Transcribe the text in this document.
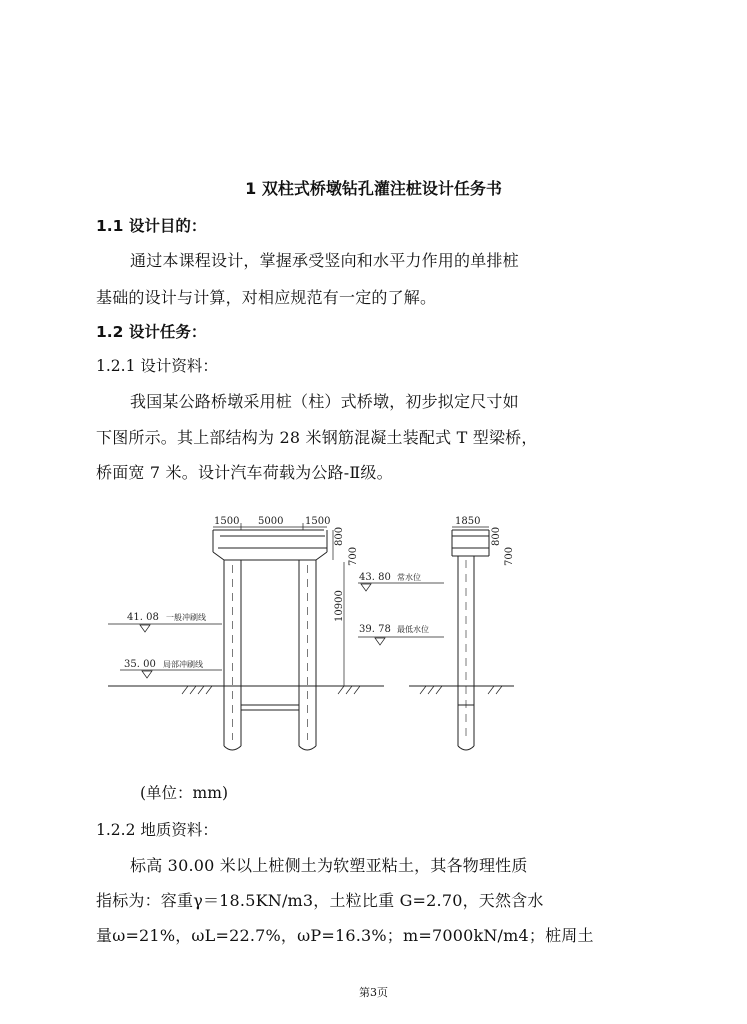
1 双柱式桥墩钻孔灌注桩设计任务书
1.1 设计目的：
通过本课程设计，掌握承受竖向和水平力作用的单排桩
基础的设计与计算，对相应规范有一定的了解。
1.2 设计任务：
1.2.1 设计资料：
我国某公路桥墩采用桩（柱）式桥墩，初步拟定尺寸如
下图所示。其上部结构为 28 米钢筋混凝土装配式 T 型梁桥，
桥面宽 7 米。设计汽车荷载为公路-Ⅱ级。
1500 5000 1500
800
700
10900
43. 80 常水位
39. 78 最低水位
41. 08 一般冲刷线
35. 00 局部冲刷线
1850
800
700
(单位：mm)
1.2.2 地质资料：
标高 30.00 米以上桩侧土为软塑亚粘土，其各物理性质
指标为：容重γ＝18.5KN/m3，土粒比重 G=2.70，天然含水
量ω=21%，ωL=22.7%，ωP=16.3%；m=7000kN/m4；桩周土
第3页
